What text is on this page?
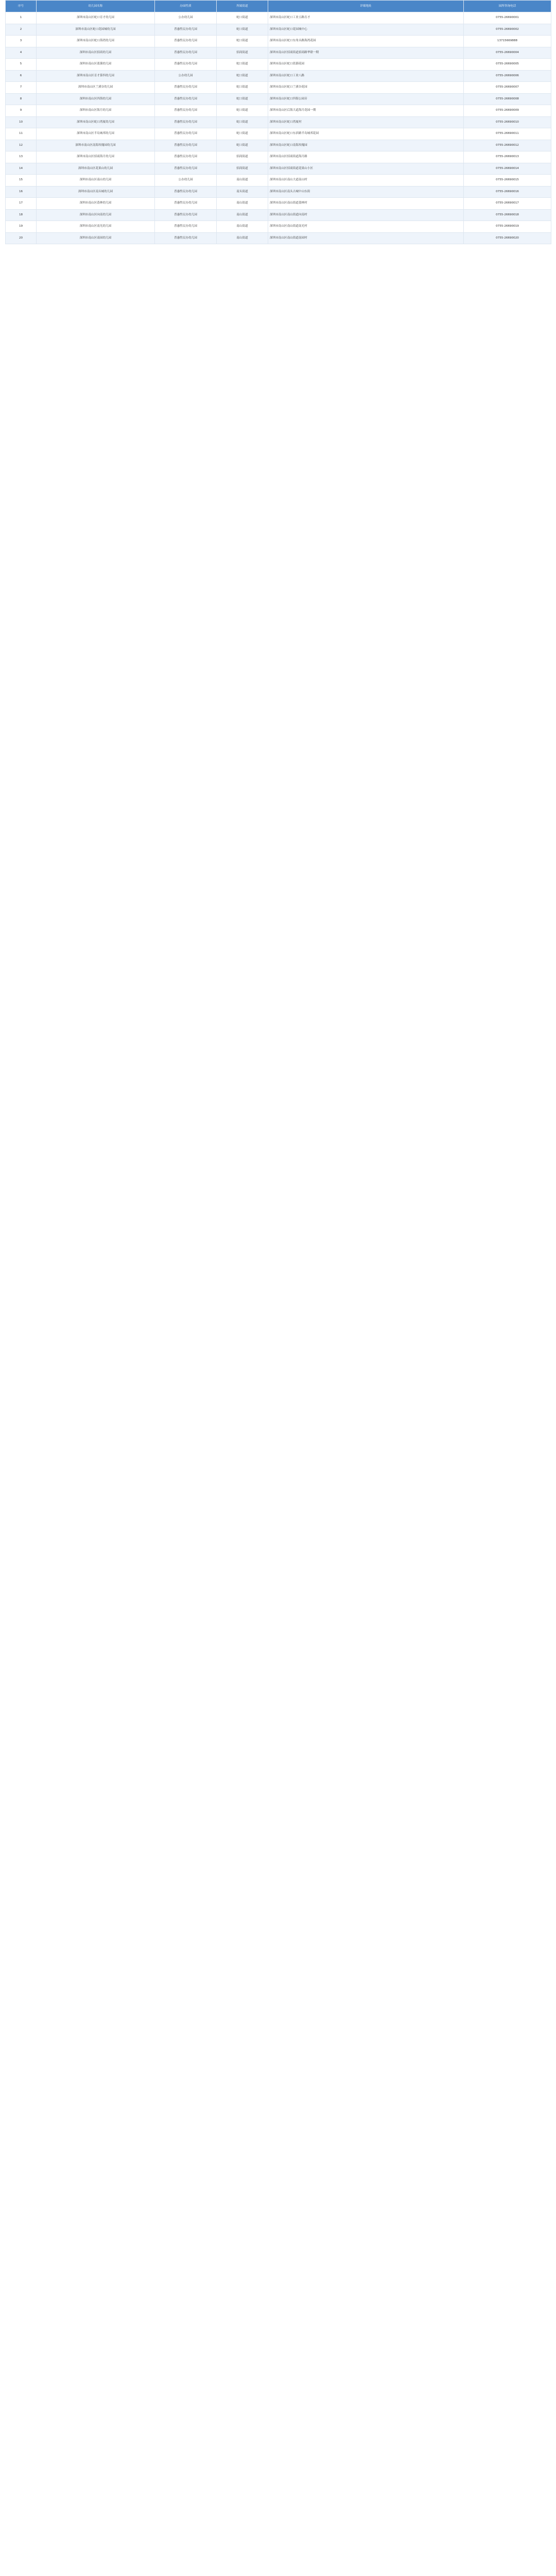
序号	幼儿园名称	办园性质	所属街道	详细地址	园所咨询电话
1	深圳市南山区蛇口育才幼儿园	公办幼儿园	蛇口街道	深圳市南山区蛇口工业五路育才	0755-26690001
2	深圳市南山区蛇口花园城幼儿园	普惠性民办幼儿园	蛇口街道	深圳市南山区蛇口花园城中心	0755-26690002
3	深圳市南山区蛇口海湾幼儿园	普惠性民办幼儿园	蛇口街道	深圳市南山区蛇口东角头路海湾花园	13715669888
4	深圳市南山区招商幼儿园	普惠性民办幼儿园	招商街道	深圳市南山区招商街道招商路华联一期	0755-26690004
5	深圳市南山区蓝漪幼儿园	普惠性民办幼儿园	蛇口街道	深圳市南山区蛇口蓝漪花园	0755-26690005
6	深圳市南山区育才第四幼儿园	公办幼儿园	蛇口街道	深圳市南山区蛇口工业八路	0755-26690006
7	深圳市南山区兰溪谷幼儿园	普惠性民办幼儿园	蛇口街道	深圳市南山区蛇口兰溪谷花园	0755-26690007
8	深圳市南山区四海幼儿园	普惠性民办幼儿园	蛇口街道	深圳市南山区蛇口四海公园旁	0755-26690008
9	深圳市南山区海月幼儿园	普惠性民办幼儿园	蛇口街道	深圳市南山区后海大道海月花园一期	0755-26690009
10	深圳市南山区蛇口湾厦幼儿园	普惠性民办幼儿园	蛇口街道	深圳市南山区蛇口湾厦村	0755-26690010
11	深圳市南山区半岛城邦幼儿园	普惠性民办幼儿园	蛇口街道	深圳市南山区蛇口东滨路半岛城邦花园	0755-26690011
12	深圳市南山区南海玫瑰园幼儿园	普惠性民办幼儿园	蛇口街道	深圳市南山区蛇口南海玫瑰园	0755-26690012
13	深圳市南山区招商海月幼儿园	普惠性民办幼儿园	招商街道	深圳市南山区招商街道海月路	0755-26690013
14	深圳市南山区花果山幼儿园	普惠性民办幼儿园	招商街道	深圳市南山区招商街道花果山小区	0755-26690014
15	深圳市南山区南山幼儿园	公办幼儿园	南山街道	深圳市南山区南山大道南山村	0755-26690015
16	深圳市南山区南头城幼儿园	普惠性民办幼儿园	南头街道	深圳市南山区南头古城中山东街	0755-26690016
17	深圳市南山区荔林幼儿园	普惠性民办幼儿园	南山街道	深圳市南山区南山街道荔林村	0755-26690017
18	深圳市南山区向南幼儿园	普惠性民办幼儿园	南山街道	深圳市南山区南山街道向南村	0755-26690018
19	深圳市南山区南光幼儿园	普惠性民办幼儿园	南山街道	深圳市南山区南山街道南光村	0755-26690019
20	深圳市南山区南园幼儿园	普惠性民办幼儿园	南山街道	深圳市南山区南山街道南园村	0755-26690020
